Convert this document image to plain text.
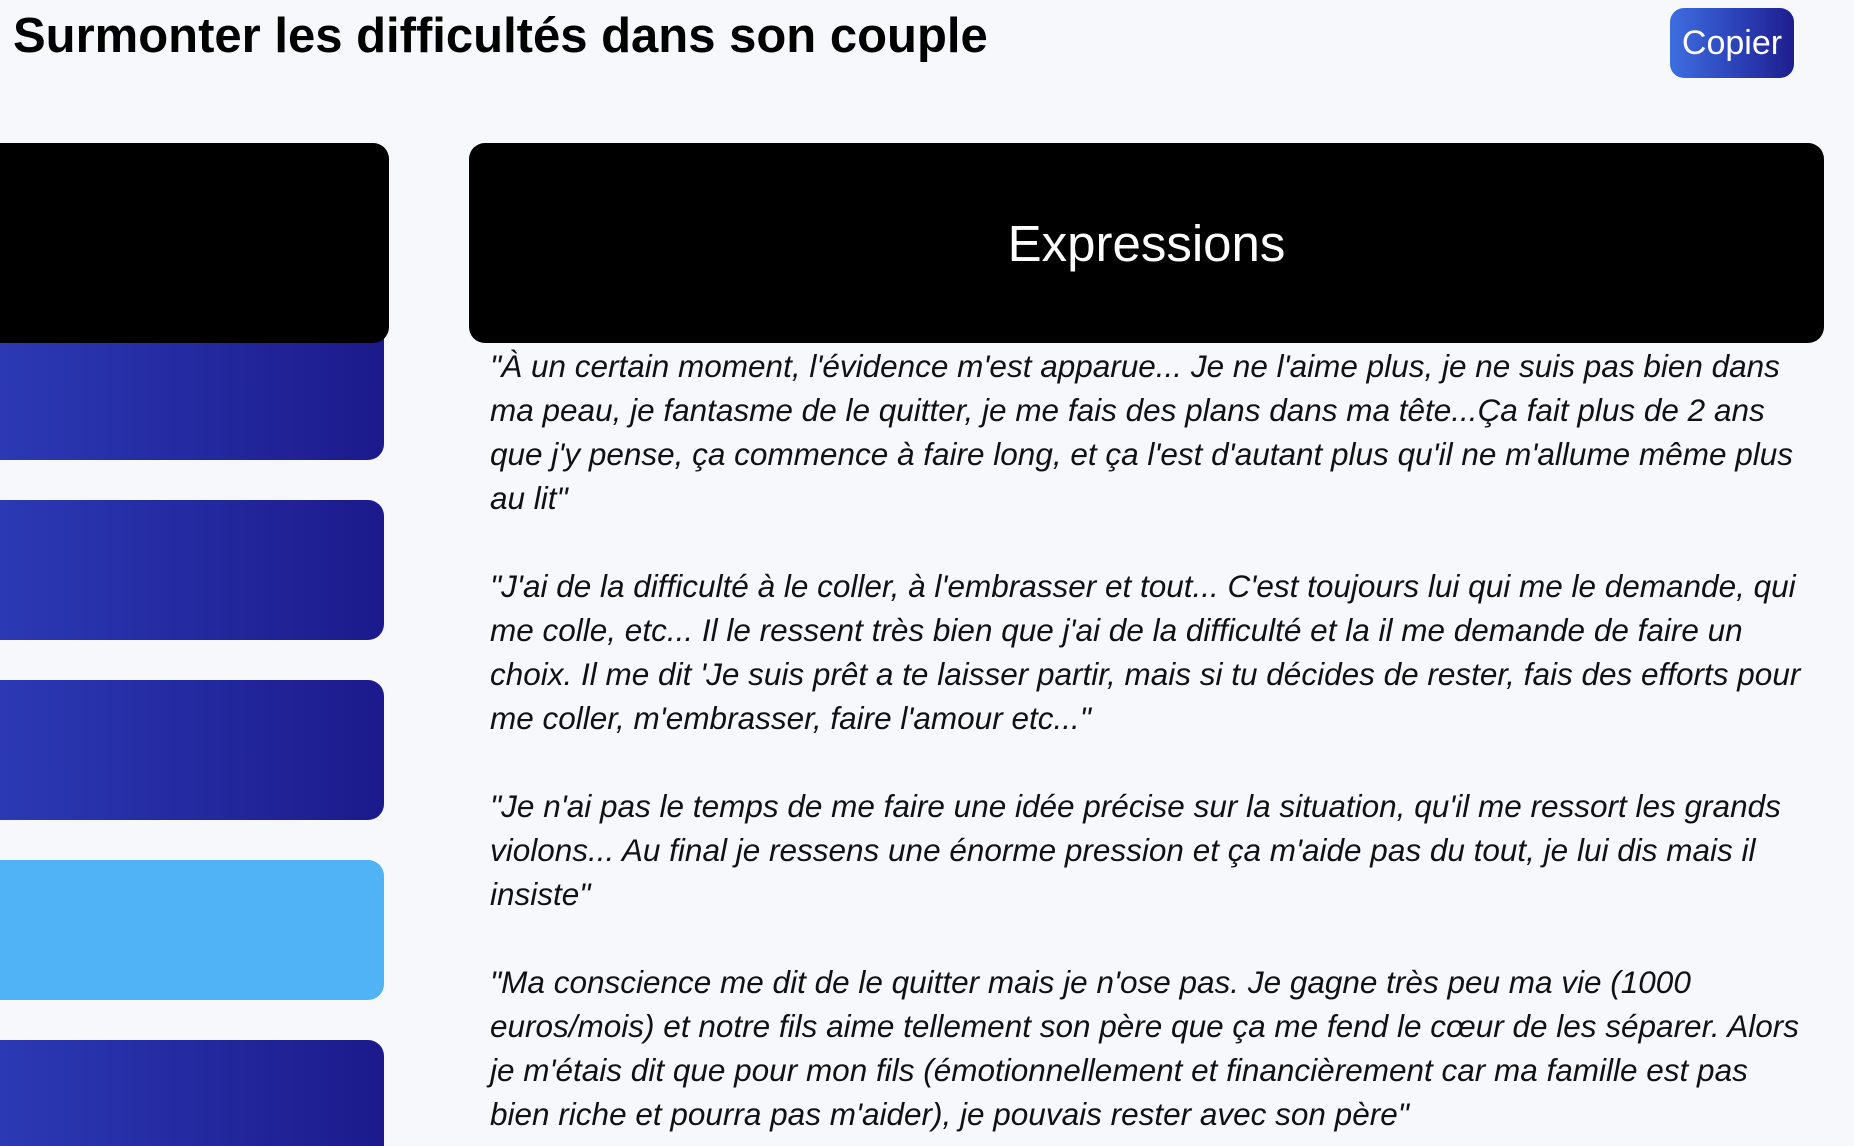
Surmonter les difficultés dans son couple	Copier
Expressions

"À un certain moment, l'évidence m'est apparue... Je ne l'aime plus, je ne suis pas bien dans ma peau, je fantasme de le quitter, je me fais des plans dans ma tête...Ça fait plus de 2 ans que j'y pense, ça commence à faire long, et ça l'est d'autant plus qu'il ne m'allume même plus au lit"

"J'ai de la difficulté à le coller, à l'embrasser et tout... C'est toujours lui qui me le demande, qui me colle, etc... Il le ressent très bien que j'ai de la difficulté et la il me demande de faire un choix. Il me dit 'Je suis prêt a te laisser partir, mais si tu décides de rester, fais des efforts pour me coller, m'embrasser, faire l'amour etc..."

"Je n'ai pas le temps de me faire une idée précise sur la situation, qu'il me ressort les grands violons... Au final je ressens une énorme pression et ça m'aide pas du tout, je lui dis mais il insiste"

"Ma conscience me dit de le quitter mais je n'ose pas. Je gagne très peu ma vie (1000 euros/mois) et notre fils aime tellement son père que ça me fend le cœur de les séparer. Alors je m'étais dit que pour mon fils (émotionnellement et financièrement car ma famille est pas bien riche et pourra pas m'aider), je pouvais rester avec son père"
